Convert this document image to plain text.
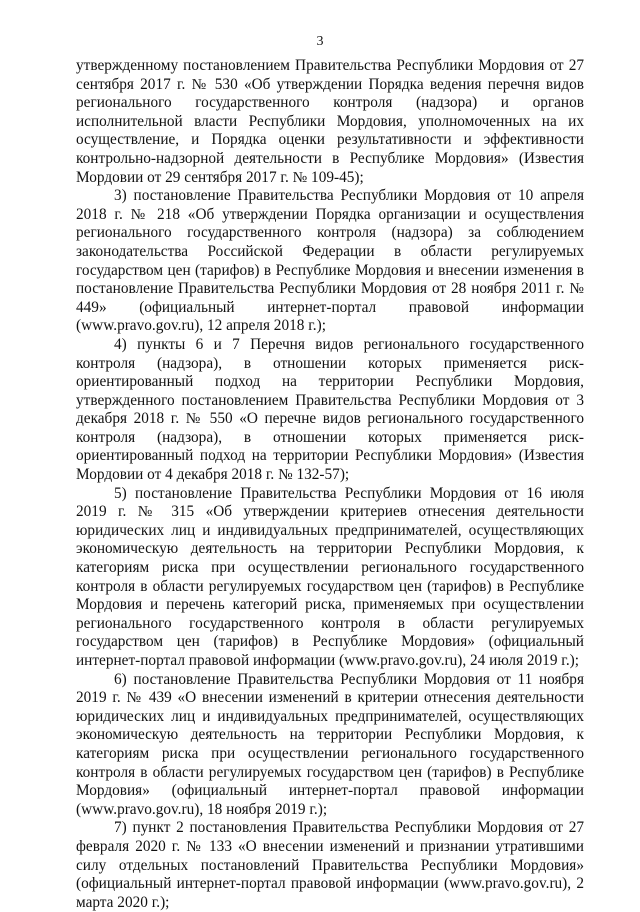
3

утвержденному постановлением Правительства Республики Мордовия от 27 сентября 2017 г. № 530 «Об утверждении Порядка ведения перечня видов регионального государственного контроля (надзора) и органов исполнительной власти Республики Мордовия, уполномоченных на их осуществление, и Порядка оценки результативности и эффективности контрольно-надзорной деятельности в Республике Мордовия» (Известия Мордовии от 29 сентября 2017 г. № 109-45);

3) постановление Правительства Республики Мордовия от 10 апреля 2018 г. № 218 «Об утверждении Порядка организации и осуществления регионального государственного контроля (надзора) за соблюдением законодательства Российской Федерации в области регулируемых государством цен (тарифов) в Республике Мордовия и внесении изменения в постановление Правительства Республики Мордовия от 28 ноября 2011 г. № 449» (официальный интернет-портал правовой информации (www.pravo.gov.ru), 12 апреля 2018 г.);

4) пункты 6 и 7 Перечня видов регионального государственного контроля (надзора), в отношении которых применяется риск-ориентированный подход на территории Республики Мордовия, утвержденного постановлением Правительства Республики Мордовия от 3 декабря 2018 г. № 550 «О перечне видов регионального государственного контроля (надзора), в отношении которых применяется риск-ориентированный подход на территории Республики Мордовия» (Известия Мордовии от 4 декабря 2018 г. № 132-57);

5) постановление Правительства Республики Мордовия от 16 июля 2019 г. № 315 «Об утверждении критериев отнесения деятельности юридических лиц и индивидуальных предпринимателей, осуществляющих экономическую деятельность на территории Республики Мордовия, к категориям риска при осуществлении регионального государственного контроля в области регулируемых государством цен (тарифов) в Республике Мордовия и перечень категорий риска, применяемых при осуществлении регионального государственного контроля в области регулируемых государством цен (тарифов) в Республике Мордовия» (официальный интернет-портал правовой информации (www.pravo.gov.ru), 24 июля 2019 г.);

6) постановление Правительства Республики Мордовия от 11 ноября 2019 г. № 439 «О внесении изменений в критерии отнесения деятельности юридических лиц и индивидуальных предпринимателей, осуществляющих экономическую деятельность на территории Республики Мордовия, к категориям риска при осуществлении регионального государственного контроля в области регулируемых государством цен (тарифов) в Республике Мордовия» (официальный интернет-портал правовой информации (www.pravo.gov.ru), 18 ноября 2019 г.);

7) пункт 2 постановления Правительства Республики Мордовия от 27 февраля 2020 г. № 133 «О внесении изменений и признании утратившими силу отдельных постановлений Правительства Республики Мордовия» (официальный интернет-портал правовой информации (www.pravo.gov.ru), 2 марта 2020 г.);
